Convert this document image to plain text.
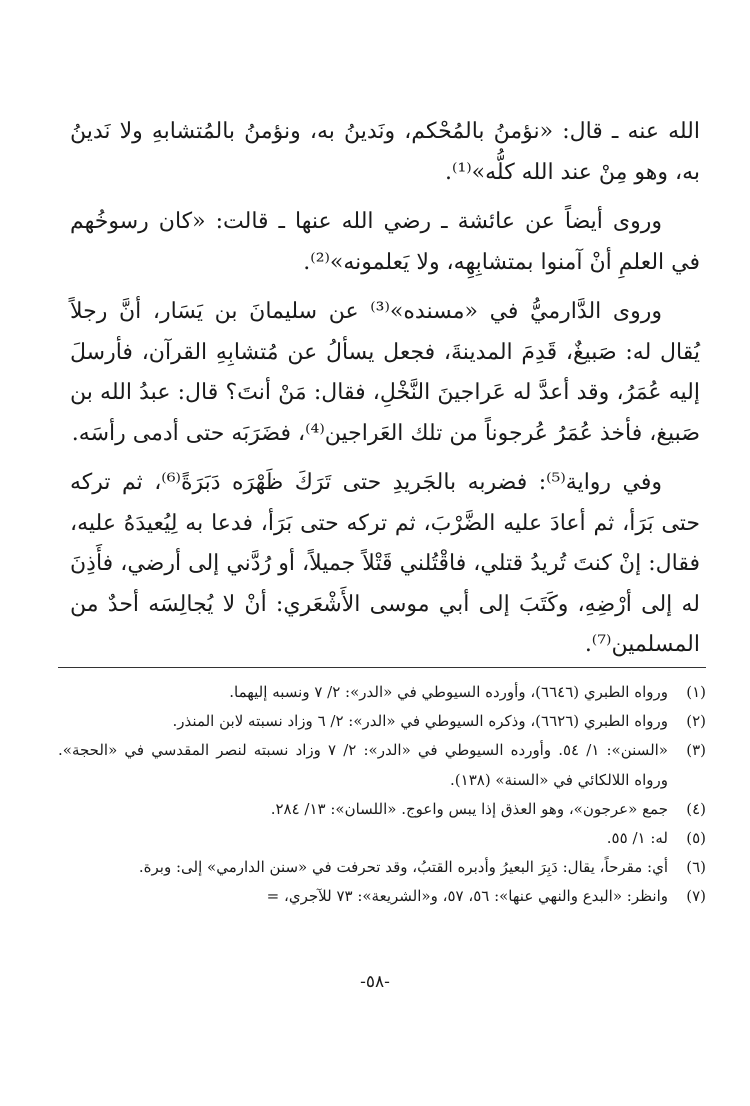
الله عنه ـ قال: «نؤمنُ بالمُحْكم، ونَدينُ به، ونؤمنُ بالمُتشابهِ ولا نَدينُ به، وهو مِنْ عند الله كلُّه»⁽¹⁾.

وروى أيضاً عن عائشة ـ رضي الله عنها ـ قالت: «كان رسوخُهم في العلمِ أنْ آمنوا بمتشابِهِه، ولا يَعلمونه»⁽²⁾.

وروى الدَّارميُّ في «مسنده»⁽³⁾ عن سليمانَ بن يَسَار، أنَّ رجلاً يُقال له: صَبيغٌ، قَدِمَ المدينةَ، فجعل يسألُ عن مُتشابِهِ القرآن، فأرسلَ إليه عُمَرُ، وقد أعدَّ له عَراجينَ النَّخْلِ، فقال: مَنْ أنتَ؟ قال: عبدُ الله بن صَبيغ، فأخذ عُمَرُ عُرجوناً من تلك العَراجين⁽⁴⁾، فضَرَبَه حتى أدمى رأسَه.

وفي رواية⁽⁵⁾: فضربه بالجَريدِ حتى تَرَكَ ظَهْرَه دَبَرَةً⁽⁶⁾، ثم تركه حتى بَرَأ، ثم أعادَ عليه الضَّرْبَ، ثم تركه حتى بَرَأ، فدعا به لِيُعيدَهُ عليه، فقال: إنْ كنتَ تُريدُ قتلي، فاقْتُلني قَتْلاً جميلاً، أو رُدَّني إلى أرضي، فأَذِنَ له إلى أرْضِهِ، وكَتَبَ إلى أبي موسى الأَشْعَري: أنْ لا يُجالِسَه أحدٌ من المسلمين⁽⁷⁾.

(١)
ورواه الطبري (٦٦٤٦)، وأورده السيوطي في «الدر»: ٢/ ٧ ونسبه إليهما.
(٢)
ورواه الطبري (٦٦٢٦)، وذكره السيوطي في «الدر»: ٢/ ٦ وزاد نسبته لابن المنذر.
(٣)
«السنن»: ١/ ٥٤. وأورده السيوطي في «الدر»: ٢/ ٧ وزاد نسبته لنصر المقدسي في «الحجة». ورواه اللالكائي في «السنة» (١٣٨).
(٤)
جمع «عرجون»، وهو العذق إذا يبس واعوج. «اللسان»: ١٣/ ٢٨٤.
(٥)
له: ١/ ٥٥.
(٦)
أي: مقرحاً، يقال: دَبِرَ البعيرُ وأدبره القتبُ، وقد تحرفت في «سنن الدارمي» إلى: وبرة.
(٧)
وانظر: «البدع والنهي عنها»: ٥٦، ٥٧، و«الشريعة»: ٧٣ للآجري، =
-٥٨-
